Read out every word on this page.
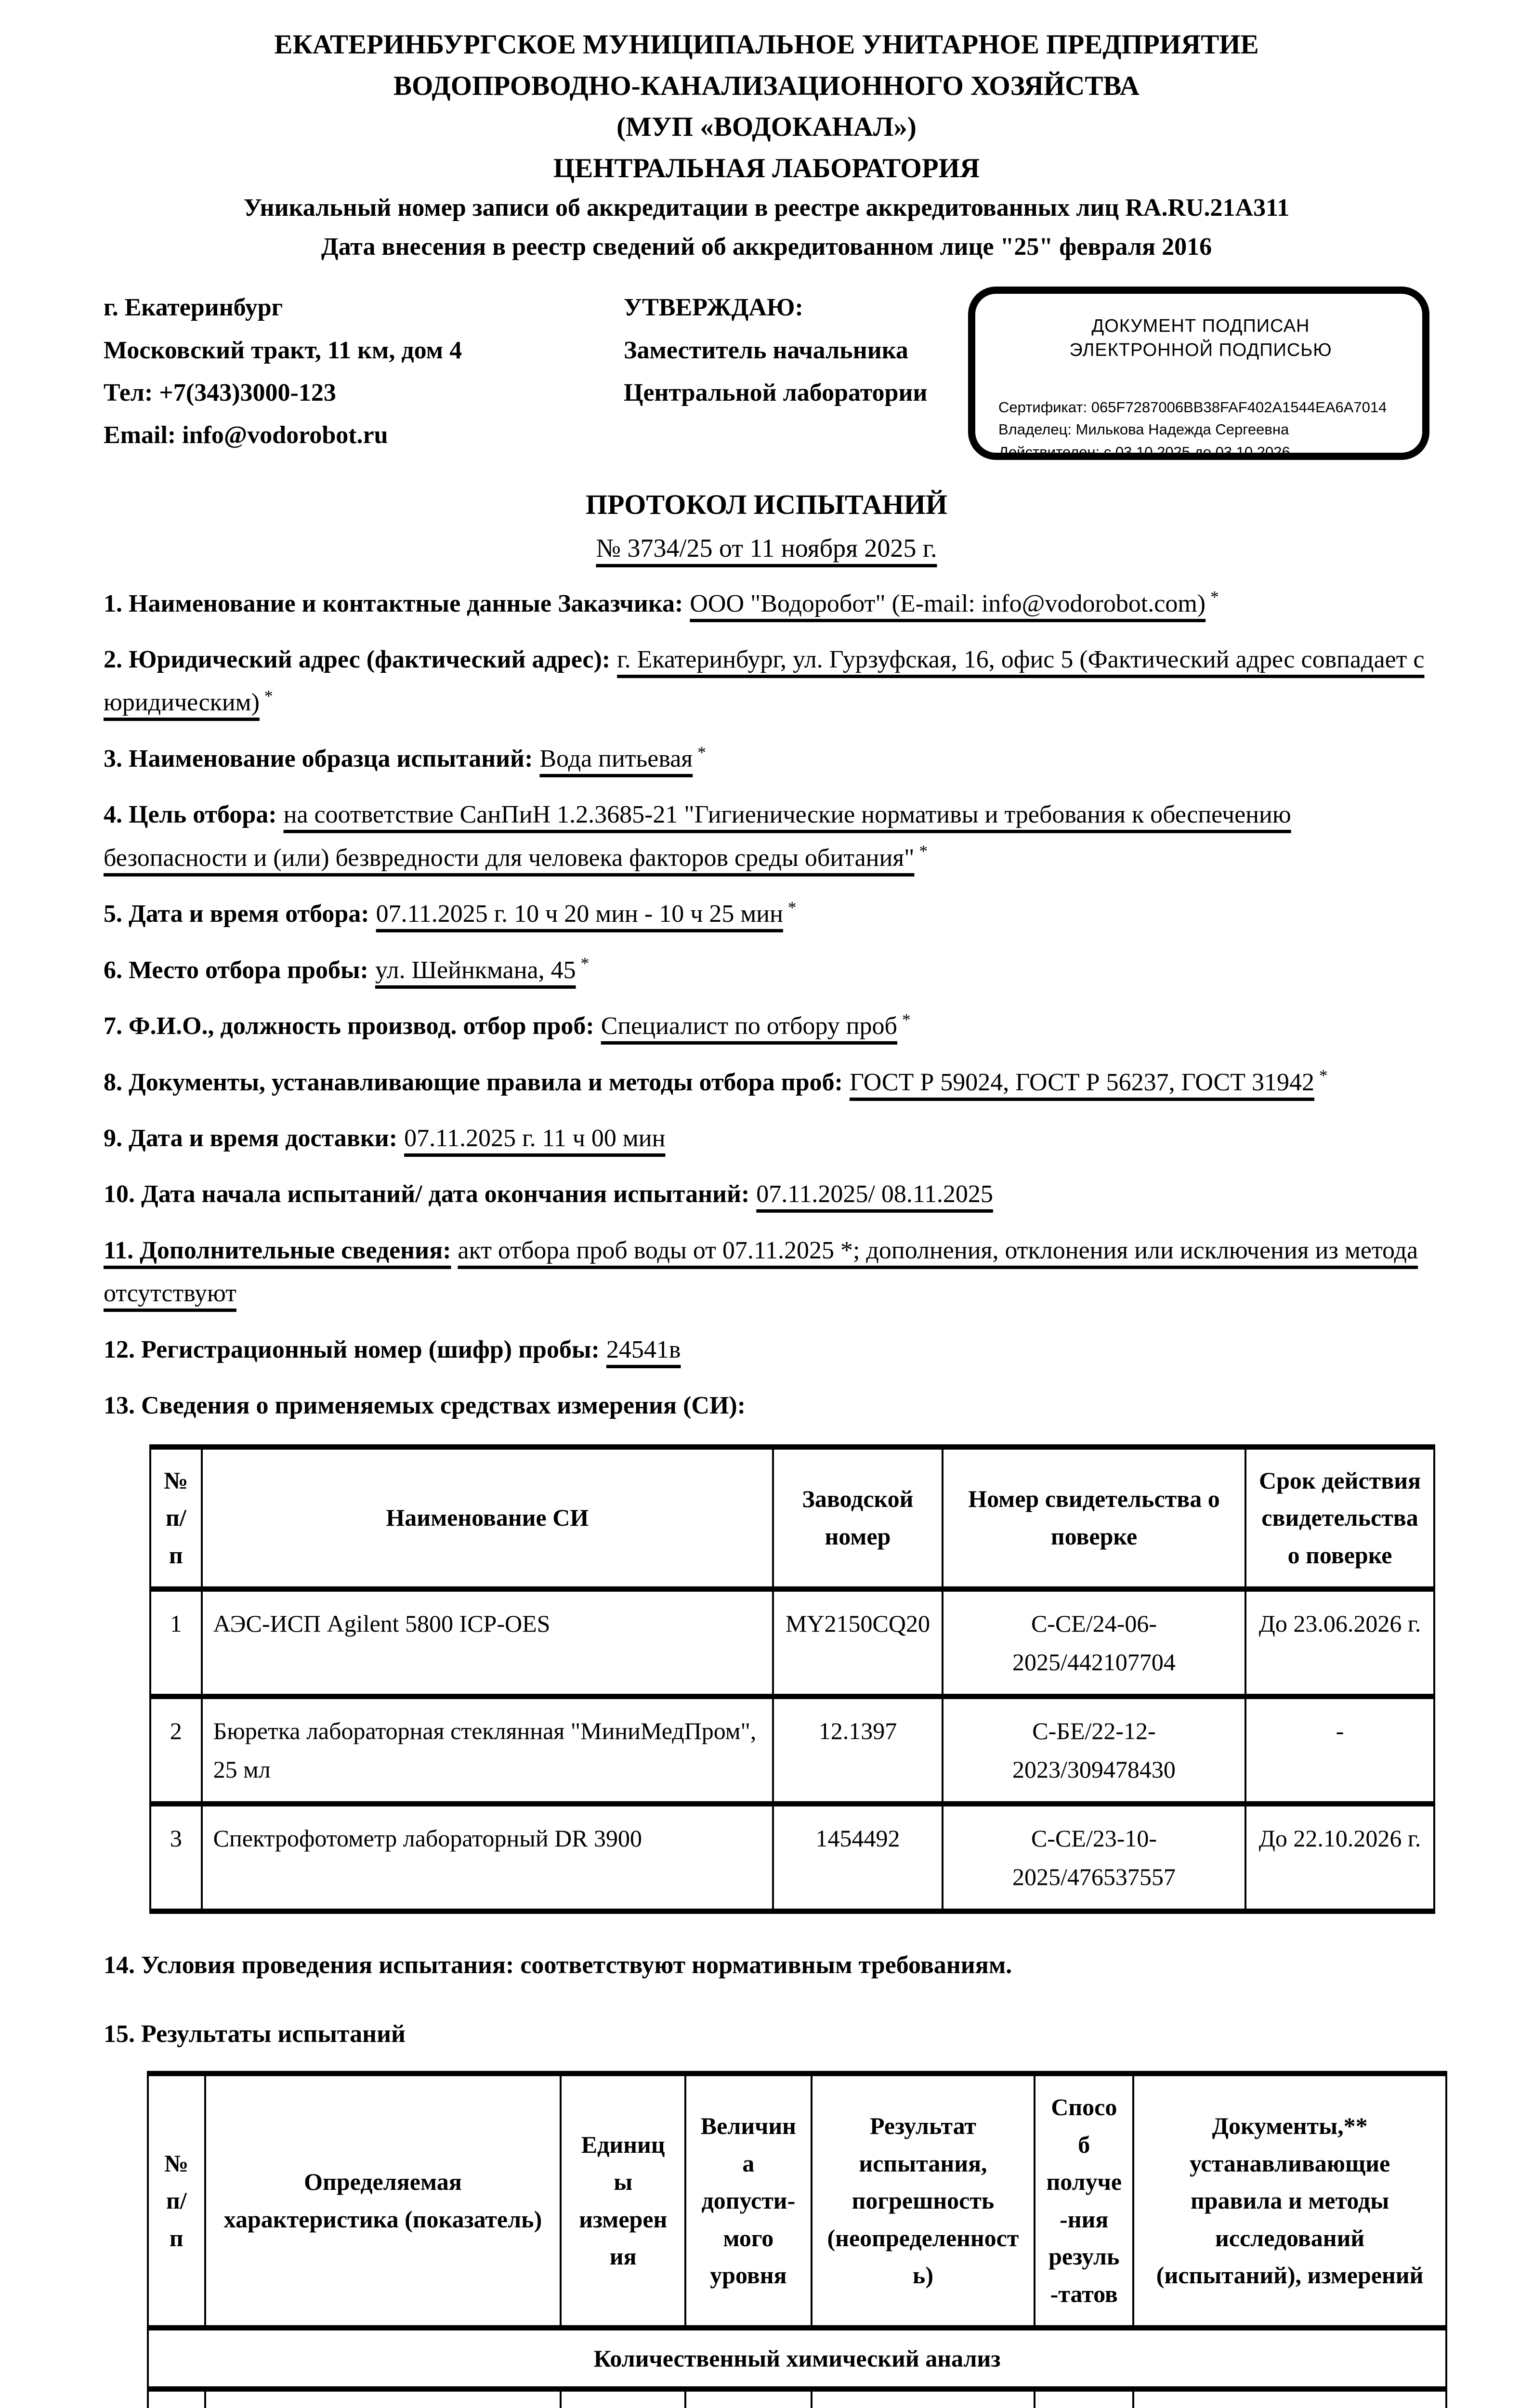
ЕКАТЕРИНБУРГСКОЕ МУНИЦИПАЛЬНОЕ УНИТАРНОЕ ПРЕДПРИЯТИЕ
ВОДОПРОВОДНО-КАНАЛИЗАЦИОННОГО ХОЗЯЙСТВА
(МУП «ВОДОКАНАЛ»)
ЦЕНТРАЛЬНАЯ ЛАБОРАТОРИЯ
Уникальный номер записи об аккредитации в реестре аккредитованных лиц RA.RU.21А311
Дата внесения в реестр сведений об аккредитованном лице "25" февраля 2016
г. Екатеринбург
Московский тракт, 11 км, дом 4
Тел: +7(343)3000-123
Email: info@vodorobot.ru
УТВЕРЖДАЮ:
Заместитель начальника
Центральной лаборатории
ДОКУМЕНТ ПОДПИСАН
ЭЛЕКТРОННОЙ ПОДПИСЬЮ
Сертификат: 065F7287006BB38FAF402A1544EA6A7014
Владелец: Милькова Надежда Сергеевна
Действителен: с 03.10.2025 до 03.10.2026
ПРОТОКОЛ ИСПЫТАНИЙ
№ 3734/25 от 11 ноября 2025 г.

1. Наименование и контактные данные Заказчика: ООО "Водоробот" (E-mail: info@vodorobot.com) *

2. Юридический адрес (фактический адрес): г. Екатеринбург, ул. Гурзуфская, 16, офис 5 (Фактический адрес совпадает с юридическим) *

3. Наименование образца испытаний: Вода питьевая *

4. Цель отбора: на соответствие СанПиН 1.2.3685-21 "Гигиенические нормативы и требования к обеспечению безопасности и (или) безвредности для человека факторов среды обитания" *

5. Дата и время отбора: 07.11.2025 г. 10 ч 20 мин - 10 ч 25 мин *

6. Место отбора пробы: ул. Шейнкмана, 45 *

7. Ф.И.О., должность производ. отбор проб: Специалист по отбору проб *

8. Документы, устанавливающие правила и методы отбора проб: ГОСТ Р 59024, ГОСТ Р 56237, ГОСТ 31942 *

9. Дата и время доставки: 07.11.2025 г. 11 ч 00 мин

10. Дата начала испытаний/ дата окончания испытаний: 07.11.2025/ 08.11.2025

11. Дополнительные сведения: акт отбора проб воды от 07.11.2025 *; дополнения, отклонения или исключения из метода отсутствуют

12. Регистрационный номер (шифр) пробы: 24541в

13. Сведения о применяемых средствах измерения (СИ):

№ п/п	Наименование СИ	Заводской номер	Номер свидетельства о поверке	Срок действия свидетельства о поверке
1	АЭС-ИСП Agilent 5800 ICP-OES	MY2150CQ20	С-СЕ/24-06-2025/442107704	До 23.06.2026 г.
2	Бюретка лабораторная стеклянная "МиниМедПром", 25 мл	12.1397	С-БЕ/22-12-2023/309478430	-
3	Спектрофотометр лабораторный DR 3900	1454492	С-СЕ/23-10-2025/476537557	До 22.10.2026 г.

14. Условия проведения испытания: соответствуют нормативным требованиям.

15. Результаты испытаний

№ п/п	Определяемая характеристика (показатель)	Единицы измерения	Величина допусти-мого уровня	Результат испытания, погрешность (неопределенность)	Способ получе-ния резуль-татов	Документы,** устанавливающие правила и методы исследований (испытаний), измерений
Количественный химический анализ						
